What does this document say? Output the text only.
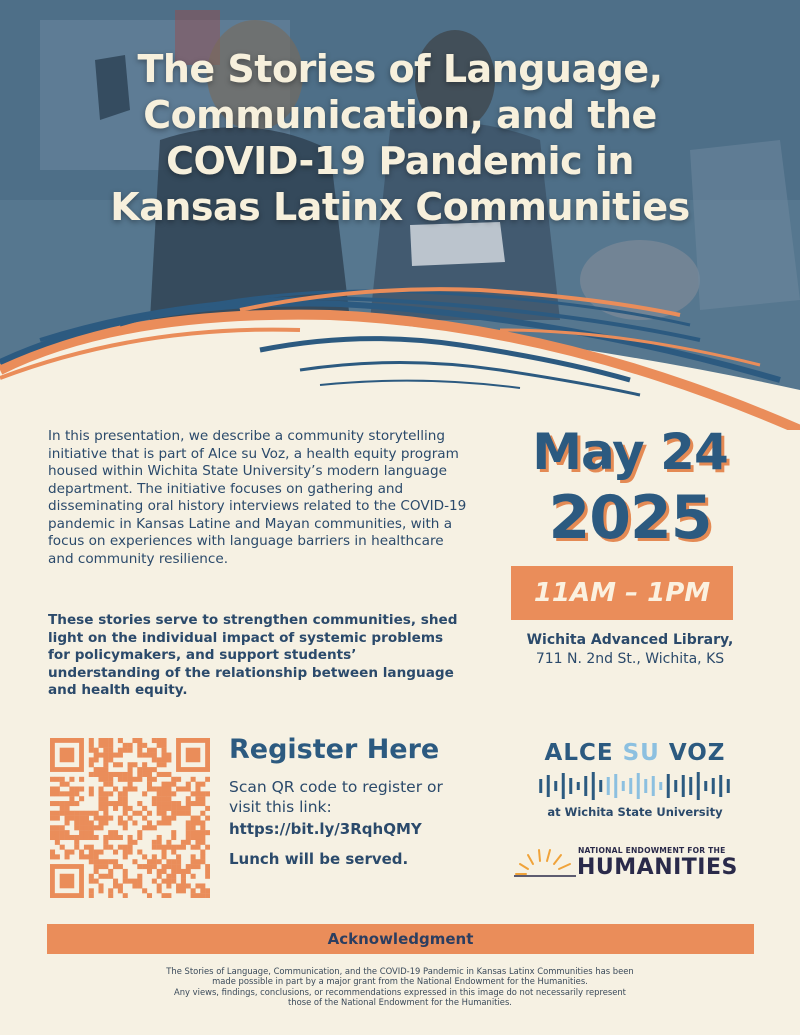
The Stories of Language,
Communication, and the
COVID-19 Pandemic in
Kansas Latinx Communities

In this presentation, we describe a community storytelling initiative that is part of Alce su Voz, a health equity program housed within Wichita State University’s modern language department. The initiative focuses on gathering and disseminating oral history interviews related to the COVID-19 pandemic in Kansas Latine and Mayan communities, with a focus on experiences with language barriers in healthcare and community resilience.

These stories serve to strengthen communities, shed light on the individual impact of systemic problems for policymakers, and support students’ understanding of the relationship between language and health equity.

May 24
2025
11AM – 1PM
Wichita Advanced Library,
711 N. 2nd St., Wichita, KS
Register Here
Scan QR code to register or visit this link:
https://bit.ly/3RqhQMY
Lunch will be served.
ALCE SU VOZ
at Wichita State University
NATIONAL ENDOWMENT FOR THE
HUMANITIES
Acknowledgment

The Stories of Language, Communication, and the COVID-19 Pandemic in Kansas Latinx Communities has been
made possible in part by a major grant from the National Endowment for the Humanities.
Any views, findings, conclusions, or recommendations expressed in this image do not necessarily represent
those of the National Endowment for the Humanities.
